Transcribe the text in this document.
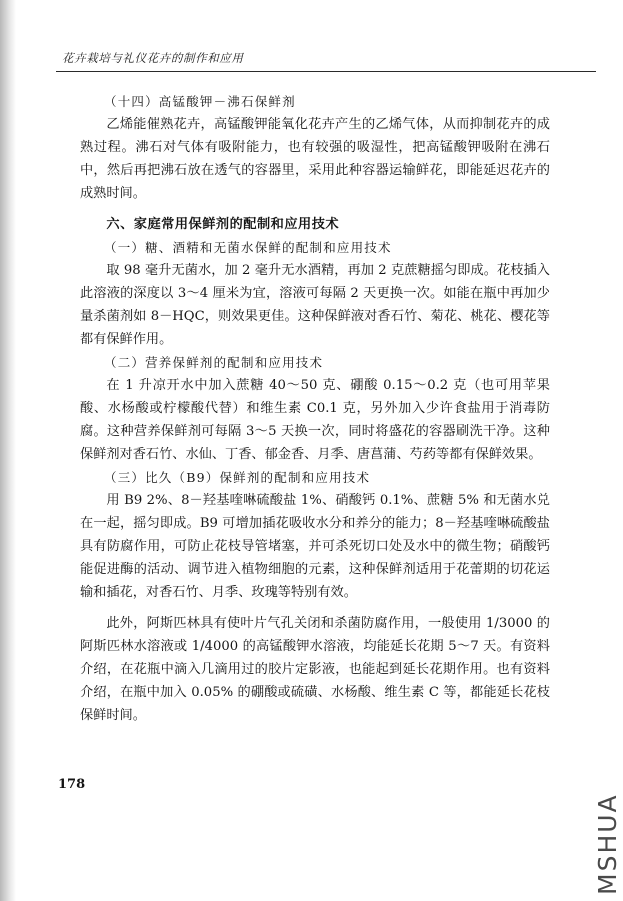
花卉栽培与礼仪花卉的制作和应用

（十四）高锰酸钾－沸石保鲜剂

乙烯能催熟花卉，高锰酸钾能氧化花卉产生的乙烯气体，从而抑制花卉的成熟过程。沸石对气体有吸附能力，也有较强的吸湿性，把高锰酸钾吸附在沸石中，然后再把沸石放在透气的容器里，采用此种容器运输鲜花，即能延迟花卉的成熟时间。

六、家庭常用保鲜剂的配制和应用技术

（一）糖、酒精和无菌水保鲜的配制和应用技术

取 98 毫升无菌水，加 2 毫升无水酒精，再加 2 克蔗糖摇匀即成。花枝插入此溶液的深度以 3～4 厘米为宜，溶液可每隔 2 天更换一次。如能在瓶中再加少量杀菌剂如 8－HQC，则效果更佳。这种保鲜液对香石竹、菊花、桃花、樱花等都有保鲜作用。

（二）营养保鲜剂的配制和应用技术

在 1 升凉开水中加入蔗糖 40～50 克、硼酸 0.15～0.2 克（也可用苹果酸、水杨酸或柠檬酸代替）和维生素 C0.1 克，另外加入少许食盐用于消毒防腐。这种营养保鲜剂可每隔 3～5 天换一次，同时将盛花的容器刷洗干净。这种保鲜剂对香石竹、水仙、丁香、郁金香、月季、唐菖蒲、芍药等都有保鲜效果。

（三）比久（B9）保鲜剂的配制和应用技术

用 B9 2%、8－羟基喹啉硫酸盐 1%、硝酸钙 0.1%、蔗糖 5% 和无菌水兑在一起，摇匀即成。B9 可增加插花吸收水分和养分的能力；8－羟基喹啉硫酸盐具有防腐作用，可防止花枝导管堵塞，并可杀死切口处及水中的微生物；硝酸钙能促进酶的活动、调节进入植物细胞的元素，这种保鲜剂适用于花蕾期的切花运输和插花，对香石竹、月季、玫瑰等特别有效。

此外，阿斯匹林具有使叶片气孔关闭和杀菌防腐作用，一般使用 1/3000 的阿斯匹林水溶液或 1/4000 的高锰酸钾水溶液，均能延长花期 5～7 天。有资料介绍，在花瓶中滴入几滴用过的胶片定影液，也能起到延长花期作用。也有资料介绍，在瓶中加入 0.05% 的硼酸或硫磺、水杨酸、维生素 C 等，都能延长花枝保鲜时间。

178
MSHUA
